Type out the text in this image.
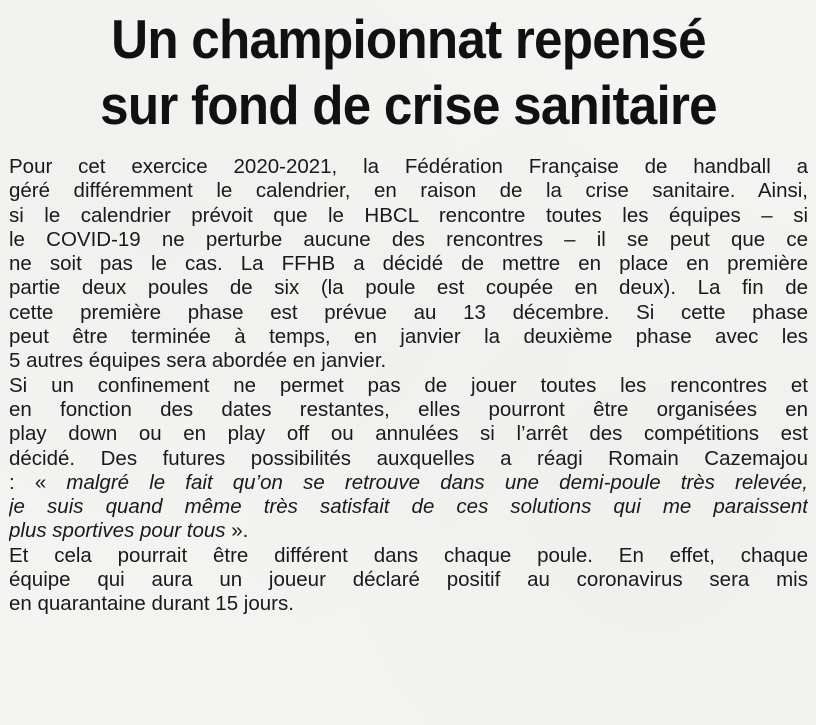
Un championnat repensé
sur fond de crise sanitaire
Pour cet exercice 2020-2021, la Fédération Française de handball a
géré différemment le calendrier, en raison de la crise sanitaire. Ainsi,
si le calendrier prévoit que le HBCL rencontre toutes les équipes – si
le COVID-19 ne perturbe aucune des rencontres – il se peut que ce
ne soit pas le cas. La FFHB a décidé de mettre en place en première
partie deux poules de six (la poule est coupée en deux). La fin de
cette première phase est prévue au 13 décembre. Si cette phase
peut être terminée à temps, en janvier la deuxième phase avec les
5 autres équipes sera abordée en janvier.
Si un confinement ne permet pas de jouer toutes les rencontres et
en fonction des dates restantes, elles pourront être organisées en
play down ou en play off ou annulées si l’arrêt des compétitions est
décidé. Des futures possibilités auxquelles a réagi Romain Cazemajou
: « malgré le fait qu’on se retrouve dans une demi-poule très relevée,
je suis quand même très satisfait de ces solutions qui me paraissent
plus sportives pour tous ».
Et cela pourrait être différent dans chaque poule. En effet, chaque
équipe qui aura un joueur déclaré positif au coronavirus sera mis
en quarantaine durant 15 jours.
